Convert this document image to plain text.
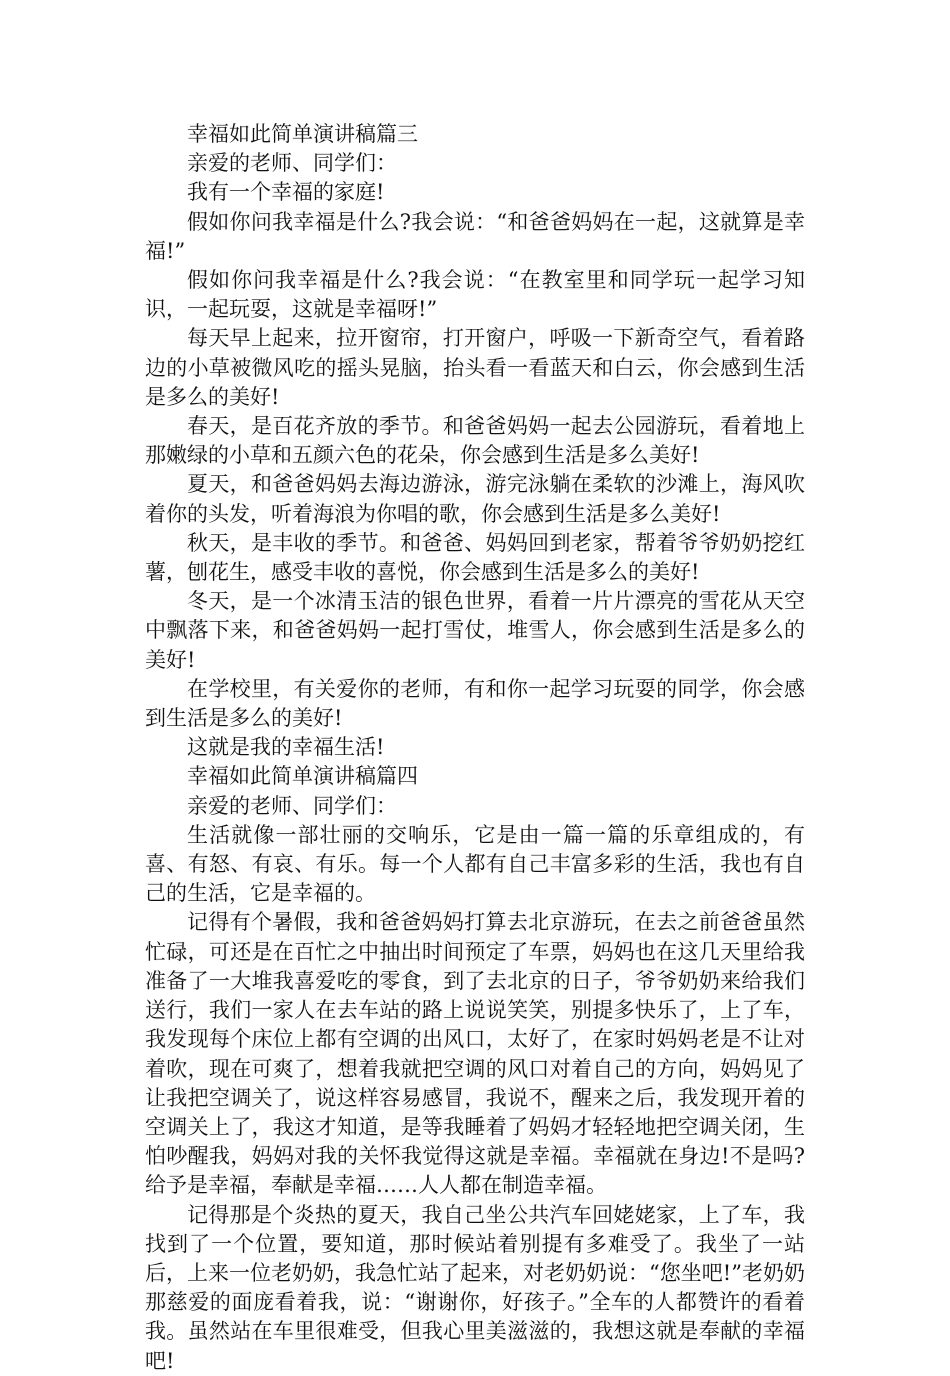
幸福如此简单演讲稿篇三

亲爱的老师、同学们：

我有一个幸福的家庭!

假如你问我幸福是什么?我会说：“和爸爸妈妈在一起，这就算是幸福!”

假如你问我幸福是什么?我会说：“在教室里和同学玩一起学习知识，一起玩耍，这就是幸福呀!”

每天早上起来，拉开窗帘，打开窗户，呼吸一下新奇空气，看着路边的小草被微风吃的摇头晃脑，抬头看一看蓝天和白云，你会感到生活是多么的美好!

春天，是百花齐放的季节。和爸爸妈妈一起去公园游玩，看着地上那嫩绿的小草和五颜六色的花朵，你会感到生活是多么美好!

夏天，和爸爸妈妈去海边游泳，游完泳躺在柔软的沙滩上，海风吹着你的头发，听着海浪为你唱的歌，你会感到生活是多么美好!

秋天，是丰收的季节。和爸爸、妈妈回到老家，帮着爷爷奶奶挖红薯，刨花生，感受丰收的喜悦，你会感到生活是多么的美好!

冬天，是一个冰清玉洁的银色世界，看着一片片漂亮的雪花从天空中飘落下来，和爸爸妈妈一起打雪仗，堆雪人，你会感到生活是多么的美好!

在学校里，有关爱你的老师，有和你一起学习玩耍的同学，你会感到生活是多么的美好!

这就是我的幸福生活!

幸福如此简单演讲稿篇四

亲爱的老师、同学们：

生活就像一部壮丽的交响乐，它是由一篇一篇的乐章组成的，有喜、有怒、有哀、有乐。每一个人都有自己丰富多彩的生活，我也有自己的生活，它是幸福的。

记得有个暑假，我和爸爸妈妈打算去北京游玩，在去之前爸爸虽然忙碌，可还是在百忙之中抽出时间预定了车票，妈妈也在这几天里给我准备了一大堆我喜爱吃的零食，到了去北京的日子，爷爷奶奶来给我们送行，我们一家人在去车站的路上说说笑笑，别提多快乐了，上了车，我发现每个床位上都有空调的出风口，太好了，在家时妈妈老是不让对着吹，现在可爽了，想着我就把空调的风口对着自己的方向，妈妈见了让我把空调关了，说这样容易感冒，我说不，醒来之后，我发现开着的空调关上了，我这才知道，是等我睡着了妈妈才轻轻地把空调关闭，生怕吵醒我，妈妈对我的关怀我觉得这就是幸福。幸福就在身边!不是吗?给予是幸福，奉献是幸福……人人都在制造幸福。

记得那是个炎热的夏天，我自己坐公共汽车回姥姥家，上了车，我找到了一个位置，要知道，那时候站着别提有多难受了。我坐了一站后，上来一位老奶奶，我急忙站了起来，对老奶奶说：“您坐吧!”老奶奶那慈爱的面庞看着我，说：“谢谢你，好孩子。”全车的人都赞许的看着我。虽然站在车里很难受，但我心里美滋滋的，我想这就是奉献的幸福吧!
